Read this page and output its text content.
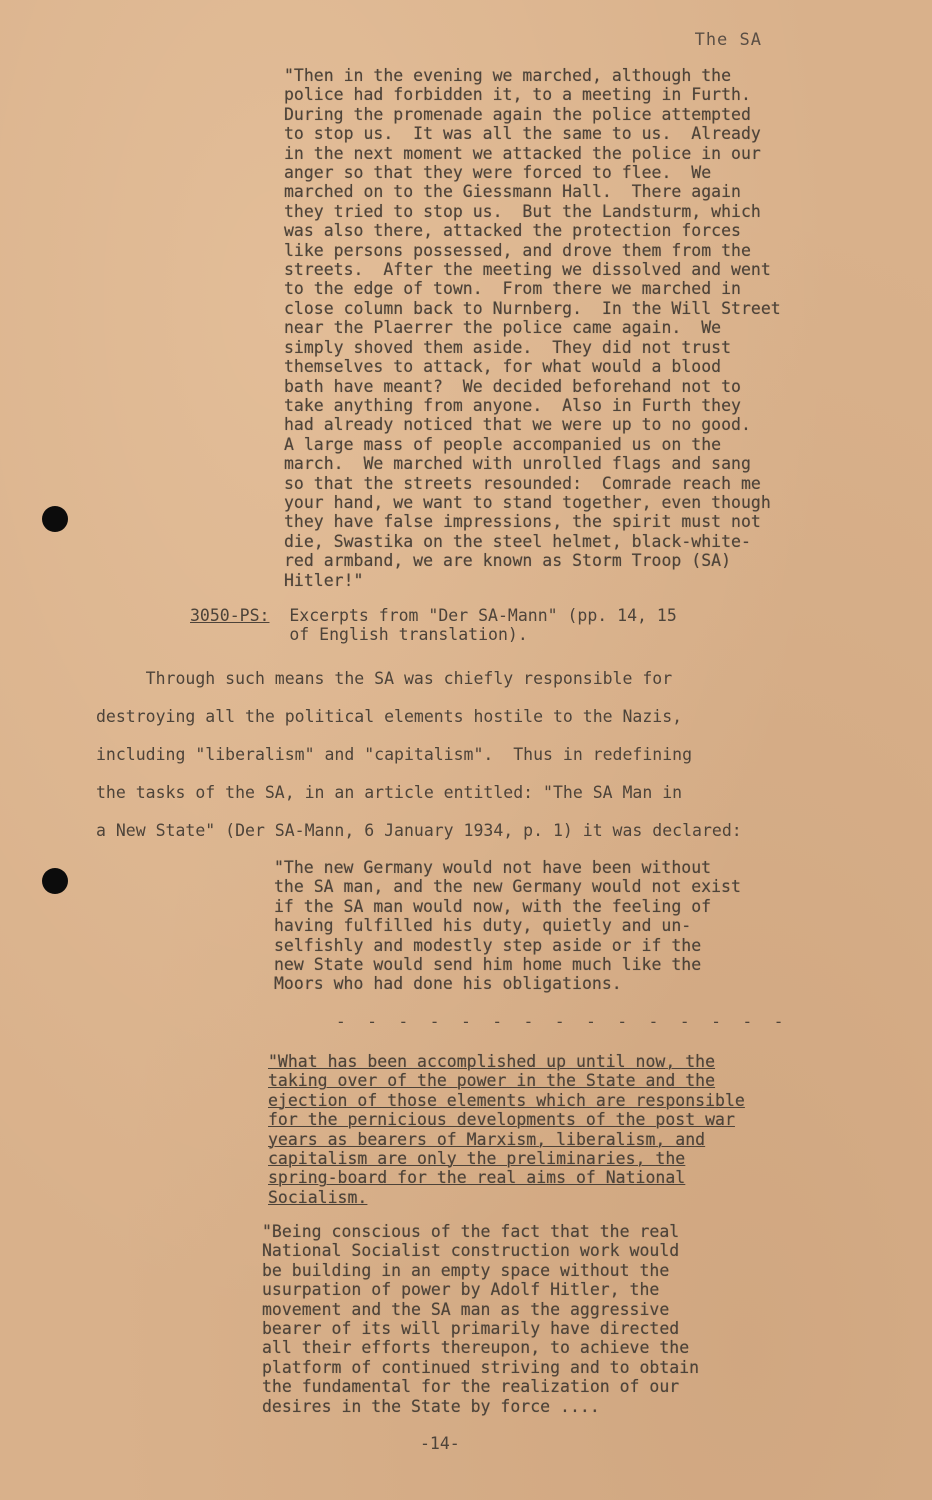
The SA
"Then in the evening we marched, although the
police had forbidden it, to a meeting in Furth.
During the promenade again the police attempted
to stop us.  It was all the same to us.  Already
in the next moment we attacked the police in our
anger so that they were forced to flee.  We
marched on to the Giessmann Hall.  There again
they tried to stop us.  But the Landsturm, which
was also there, attacked the protection forces
like persons possessed, and drove them from the
streets.  After the meeting we dissolved and went
to the edge of town.  From there we marched in
close column back to Nurnberg.  In the Will Street
near the Plaerrer the police came again.  We
simply shoved them aside.  They did not trust
themselves to attack, for what would a blood
bath have meant?  We decided beforehand not to
take anything from anyone.  Also in Furth they
had already noticed that we were up to no good.
A large mass of people accompanied us on the
march.  We marched with unrolled flags and sang
so that the streets resounded:  Comrade reach me
your hand, we want to stand together, even though
they have false impressions, the spirit must not
die, Swastika on the steel helmet, black-white-
red armband, we are known as Storm Troop (SA)
Hitler!"
3050-PS:  Excerpts from "Der SA-Mann" (pp. 14, 15
of English translation).
Through such means the SA was chiefly responsible for
destroying all the political elements hostile to the Nazis,
including "liberalism" and "capitalism".  Thus in redefining
the tasks of the SA, in an article entitled: "The SA Man in
a New State" (Der SA-Mann, 6 January 1934, p. 1) it was declared:
"The new Germany would not have been without
the SA man, and the new Germany would not exist
if the SA man would now, with the feeling of
having fulfilled his duty, quietly and un-
selfishly and modestly step aside or if the
new State would send him home much like the
Moors who had done his obligations.
- - - - - - - - - - - - - - -
"What has been accomplished up until now, the
taking over of the power in the State and the
ejection of those elements which are responsible
for the pernicious developments of the post war
years as bearers of Marxism, liberalism, and
capitalism are only the preliminaries, the
spring-board for the real aims of National
Socialism.
"Being conscious of the fact that the real
National Socialist construction work would
be building in an empty space without the
usurpation of power by Adolf Hitler, the
movement and the SA man as the aggressive
bearer of its will primarily have directed
all their efforts thereupon, to achieve the
platform of continued striving and to obtain
the fundamental for the realization of our
desires in the State by force ....
-14-
